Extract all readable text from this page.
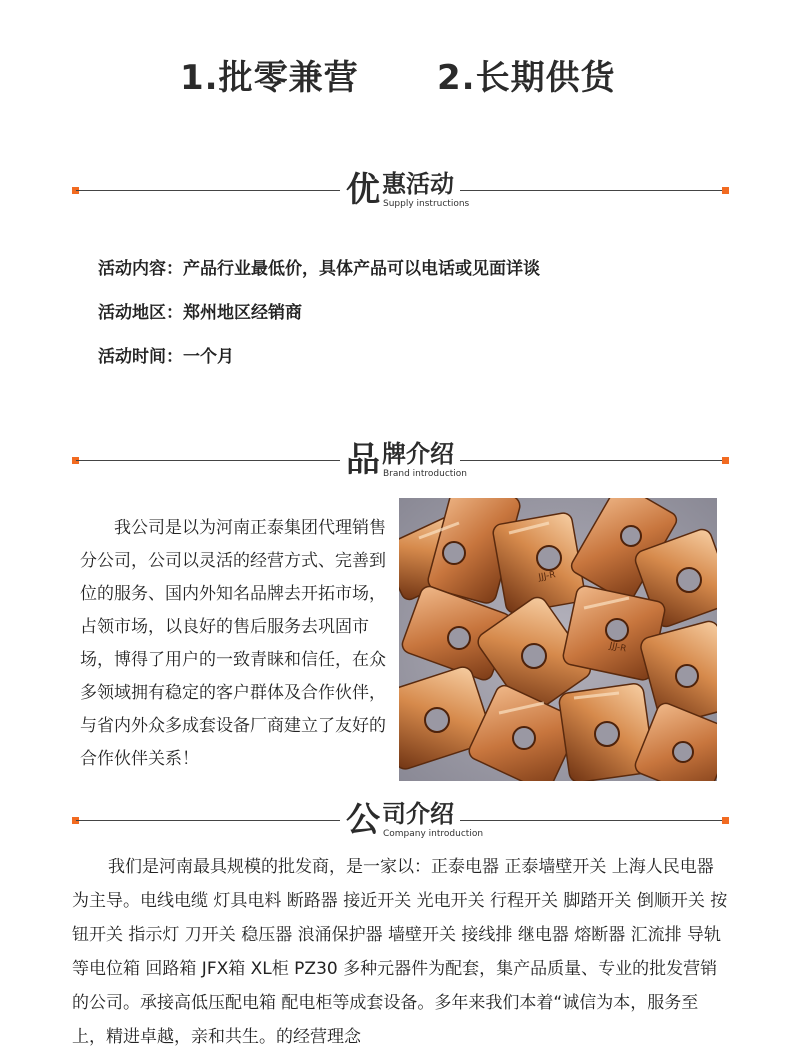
1.批零兼营 2.长期供货
优 惠活动
Supply instructions

活动内容：产品行业最低价，具体产品可以电话或见面详谈

活动地区：郑州地区经销商

活动时间：一个月

品 牌介绍
Brand introduction

我公司是以为河南正泰集团代理销售分公司，公司以灵活的经营方式、完善到位的服务、国内外知名品牌去开拓市场，占领市场，以良好的售后服务去巩固市场，博得了用户的一致青睐和信任，在众多领域拥有稳定的客户群体及合作伙伴，与省内外众多成套设备厂商建立了友好的合作伙伴关系！

JJJ-R
JJJ-R
公 司介绍
Company introduction

我们是河南最具规模的批发商，是一家以：正泰电器 正泰墙壁开关 上海人民电器为主导。电线电缆 灯具电料 断路器 接近开关 光电开关 行程开关 脚踏开关 倒顺开关 按钮开关 指示灯 刀开关 稳压器 浪涌保护器 墙壁开关 接线排 继电器 熔断器 汇流排 导轨 等电位箱 回路箱 JFX箱 XL柜 PZ30 多种元器件为配套，集产品质量、专业的批发营销的公司。承接高低压配电箱 配电柜等成套设备。多年来我们本着“诚信为本，服务至上，精进卓越，亲和共生。的经营理念
